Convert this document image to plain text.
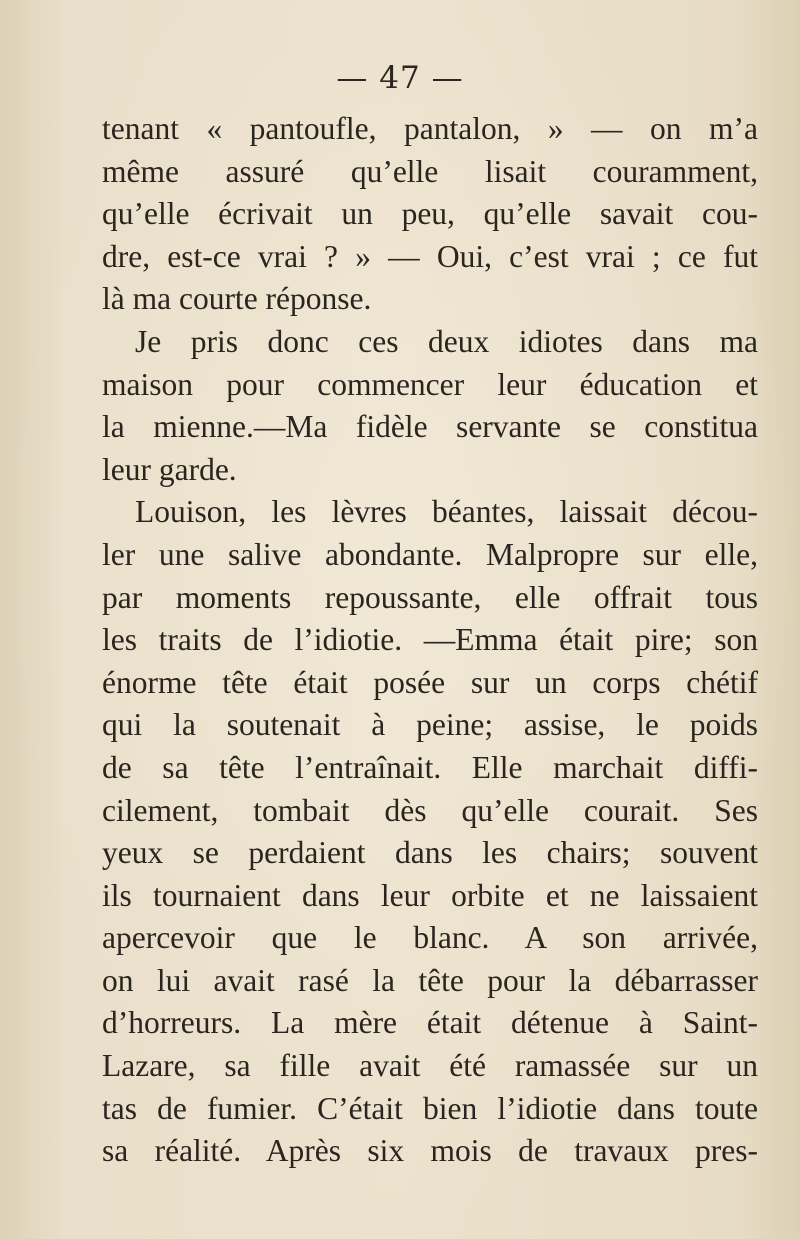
— 47 —
tenant « pantoufle, pantalon, » — on m’a
même assuré qu’elle lisait couramment,
qu’elle écrivait un peu, qu’elle savait cou-
dre, est-ce vrai ? » — Oui, c’est vrai ; ce fut
là ma courte réponse.
Je pris donc ces deux idiotes dans ma
maison pour commencer leur éducation et
la mienne.—Ma fidèle servante se constitua
leur garde.
Louison, les lèvres béantes, laissait décou-
ler une salive abondante. Malpropre sur elle,
par moments repoussante, elle offrait tous
les traits de l’idiotie. —Emma était pire; son
énorme tête était posée sur un corps chétif
qui la soutenait à peine; assise, le poids
de sa tête l’entraînait. Elle marchait diffi-
cilement, tombait dès qu’elle courait. Ses
yeux se perdaient dans les chairs; souvent
ils tournaient dans leur orbite et ne laissaient
apercevoir que le blanc. A son arrivée,
on lui avait rasé la tête pour la débarrasser
d’horreurs. La mère était détenue à Saint-
Lazare, sa fille avait été ramassée sur un
tas de fumier. C’était bien l’idiotie dans toute
sa réalité. Après six mois de travaux pres-
